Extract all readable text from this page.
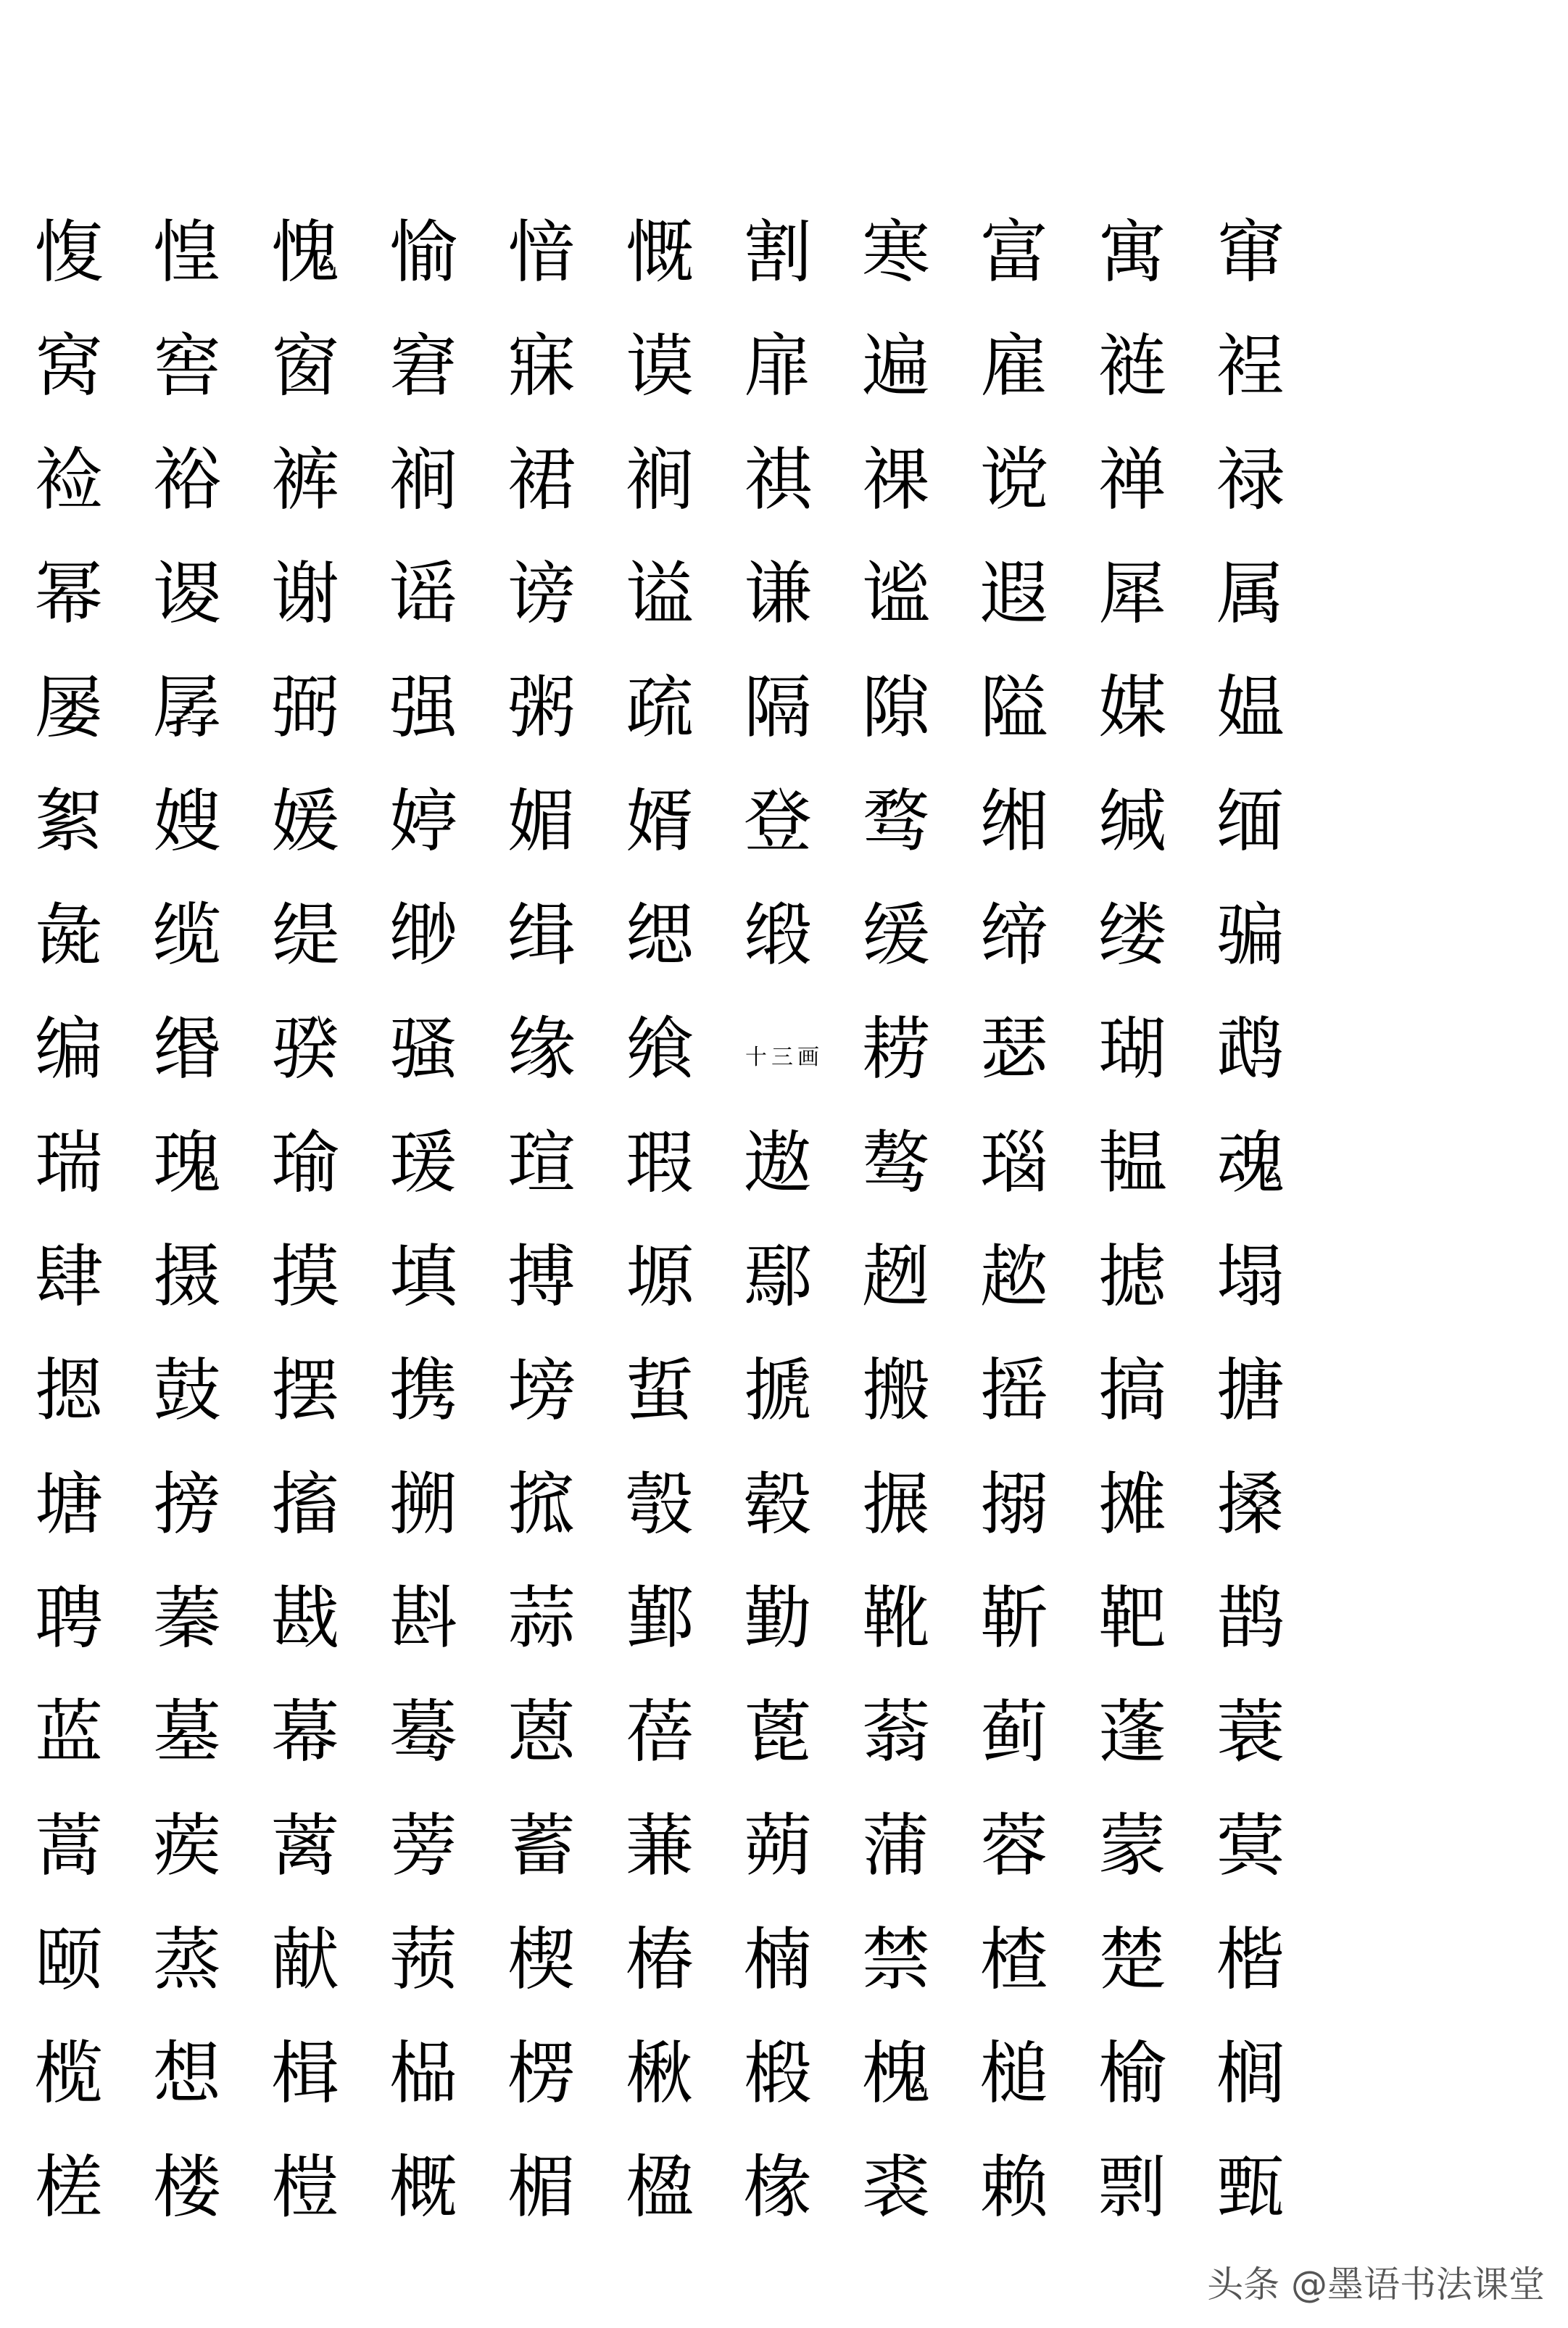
愎 惶 愧 愉 愔 慨 割 寒 富 寓 窜
窝 窖 窗 窘 寐 谟 扉 遍 雇 裢 裎
裣 裕 裤 裥 裙 裥 祺 祼 谠 禅 禄
幂 谡 谢 谣 谤 谥 谦 谧 遐 犀 属
屡 孱 弼 强 粥 疏 隔 隙 隘 媒 媪
絮 嫂 媛 婷 媚 婿 登 骛 缃 缄 缅
彘 缆 缇 缈 缉 缌 缎 缓 缔 缕 骗
编 缗 骙 骚 缘 飨	十三画 耢 瑟 瑚 鹉
瑞 瑰 瑜 瑗 瑄 瑕 遨 骜 瑙 韫 魂
肆 摄 摸 填 搏 塬 鄢 趔 趑 摅 塌
摁 鼓 摆 携 塝 蜇 搋 搬 摇 搞 搪
塘 搒 搐 搠 搲 彀 毂 搌 搦 摊 搡
聘 蓁 戡 斟 蒜 鄞 勤 靴 靳 靶 鹊
蓝 墓 幕 蓦 蒽 蓓 蓖 蓊 蓟 蓬 蓑
蒿 蒺 蓠 蒡 蓄 蒹 蒴 蒲 蓉 蒙 蓂
颐 蒸 献 蓣 楔 椿 楠 禁 楂 楚 楷
榄 想 楫 榀 楞 楸 椴 槐 槌 榆 榈
槎 楼 榿 概 楣 楹 椽 裘 赖 剽 甄
头条 @墨语书法课堂
